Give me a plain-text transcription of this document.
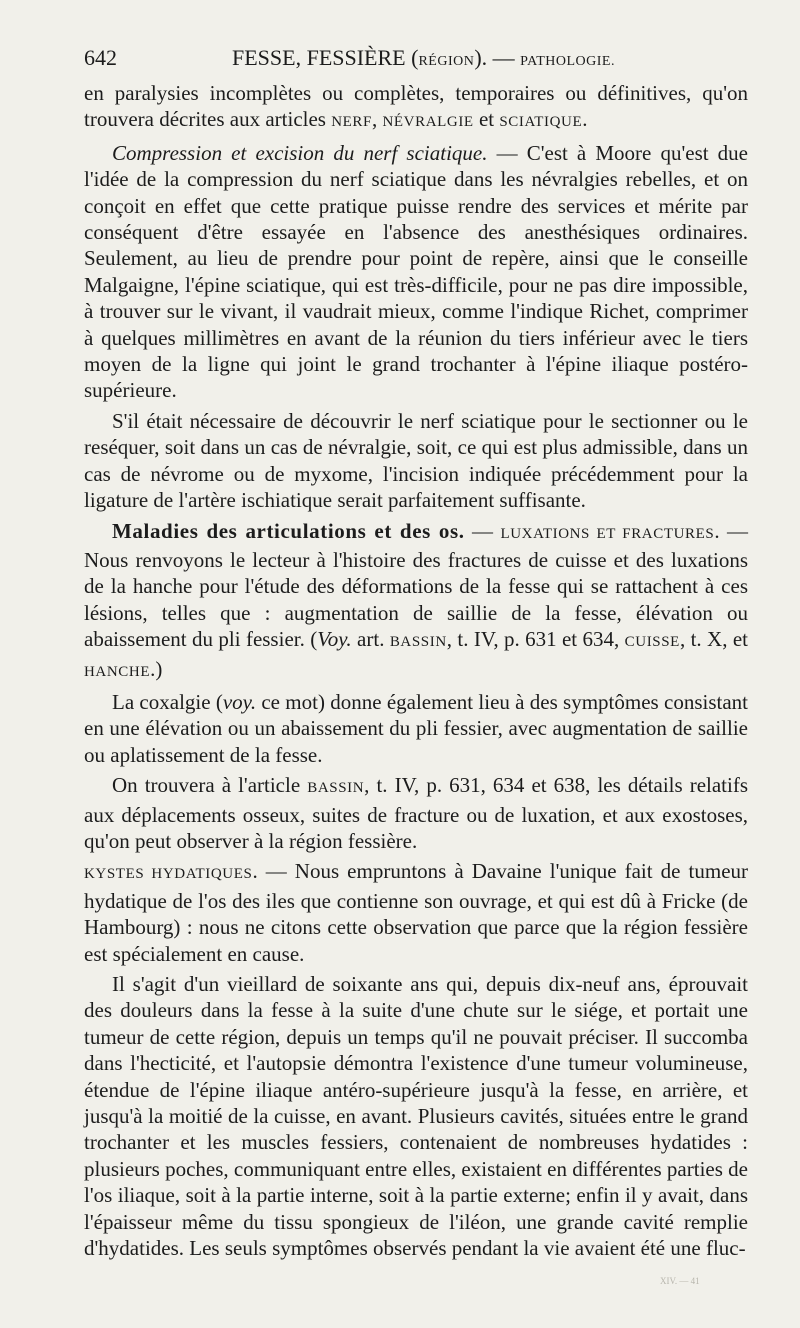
642	FESSE, FESSIÈRE (RÉGION). — PATHOLOGIE.

en paralysies incomplètes ou complètes, temporaires ou définitives, qu'on trouvera décrites aux articles NERF, NÉVRALGIE et SCIATIQUE.

Compression et excision du nerf sciatique. — C'est à Moore qu'est due l'idée de la compression du nerf sciatique dans les névralgies rebelles, et on conçoit en effet que cette pratique puisse rendre des services et mérite par conséquent d'être essayée en l'absence des anesthésiques ordinaires. Seulement, au lieu de prendre pour point de repère, ainsi que le conseille Malgaigne, l'épine sciatique, qui est très-difficile, pour ne pas dire impossible, à trouver sur le vivant, il vaudrait mieux, comme l'indique Richet, comprimer à quelques millimètres en avant de la réunion du tiers inférieur avec le tiers moyen de la ligne qui joint le grand trochanter à l'épine iliaque postéro-supérieure.

S'il était nécessaire de découvrir le nerf sciatique pour le sectionner ou le reséquer, soit dans un cas de névralgie, soit, ce qui est plus admissible, dans un cas de névrome ou de myxome, l'incision indiquée précédemment pour la ligature de l'artère ischiatique serait parfaitement suffisante.

Maladies des articulations et des os. — LUXATIONS ET FRACTURES. — Nous renvoyons le lecteur à l'histoire des fractures de cuisse et des luxations de la hanche pour l'étude des déformations de la fesse qui se rattachent à ces lésions, telles que : augmentation de saillie de la fesse, élévation ou abaissement du pli fessier. (Voy. art. BASSIN, t. IV, p. 631 et 634, CUISSE, t. X, et HANCHE.)

La coxalgie (voy. ce mot) donne également lieu à des symptômes consistant en une élévation ou un abaissement du pli fessier, avec augmentation de saillie ou aplatissement de la fesse.

On trouvera à l'article BASSIN, t. IV, p. 631, 634 et 638, les détails relatifs aux déplacements osseux, suites de fracture ou de luxation, et aux exostoses, qu'on peut observer à la région fessière.

KYSTES HYDATIQUES. — Nous empruntons à Davaine l'unique fait de tumeur hydatique de l'os des iles que contienne son ouvrage, et qui est dû à Fricke (de Hambourg) : nous ne citons cette observation que parce que la région fessière est spécialement en cause.

Il s'agit d'un vieillard de soixante ans qui, depuis dix-neuf ans, éprouvait des douleurs dans la fesse à la suite d'une chute sur le siége, et portait une tumeur de cette région, depuis un temps qu'il ne pouvait préciser. Il succomba dans l'hecticité, et l'autopsie démontra l'existence d'une tumeur volumineuse, étendue de l'épine iliaque antéro-supérieure jusqu'à la fesse, en arrière, et jusqu'à la moitié de la cuisse, en avant. Plusieurs cavités, situées entre le grand trochanter et les muscles fessiers, contenaient de nombreuses hydatides : plusieurs poches, communiquant entre elles, existaient en différentes parties de l'os iliaque, soit à la partie interne, soit à la partie externe; enfin il y avait, dans l'épaisseur même du tissu spongieux de l'iléon, une grande cavité remplie d'hydatides. Les seuls symptômes observés pendant la vie avaient été une fluc-

XIV. — 41
